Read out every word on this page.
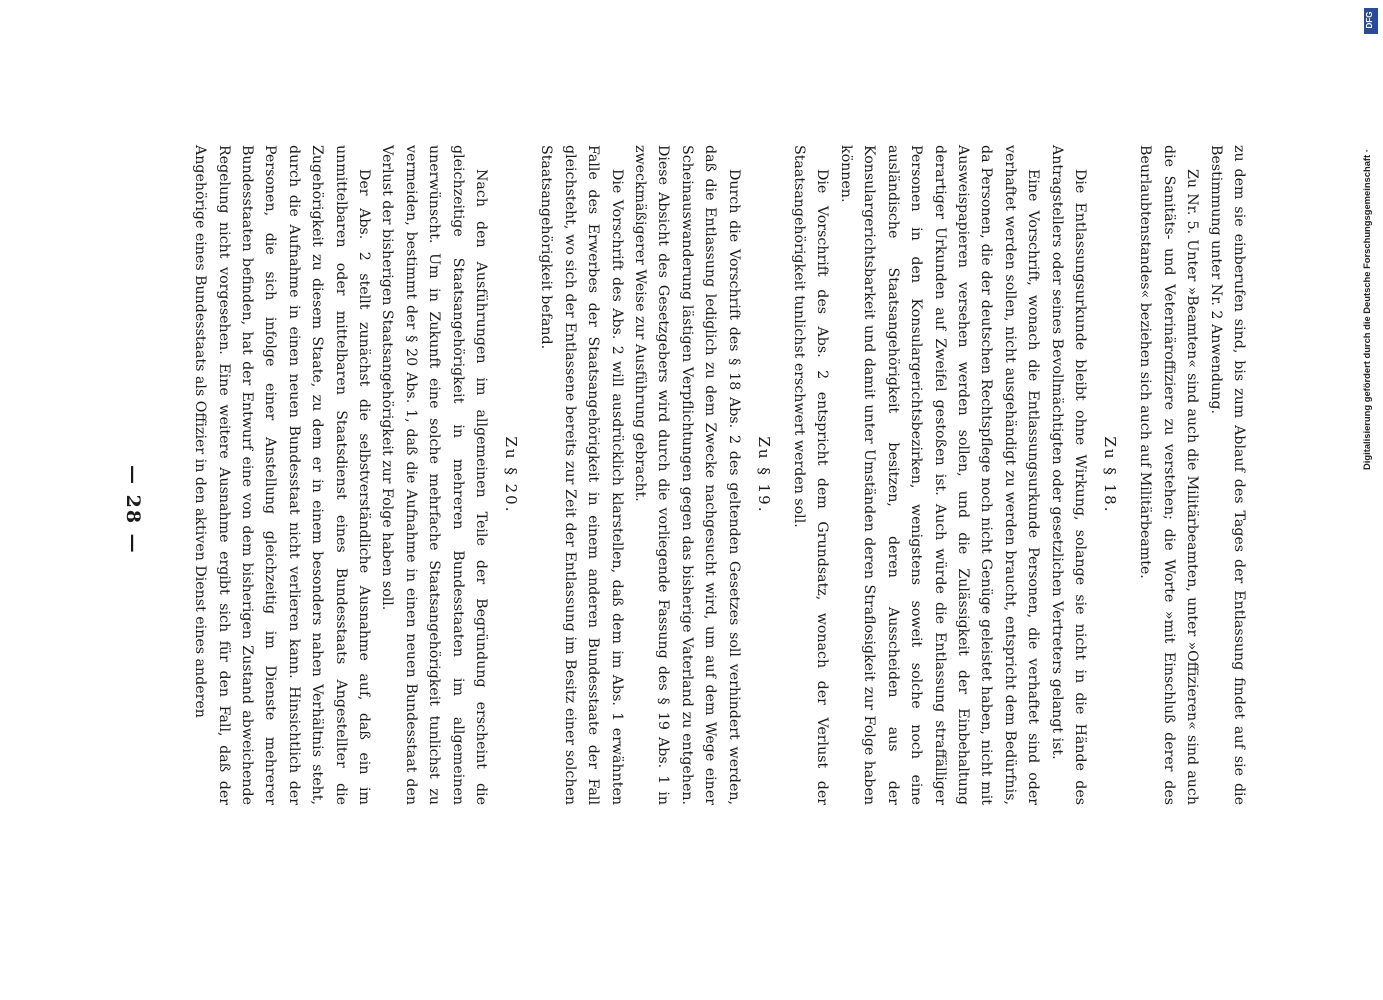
zu dem sie einberufen sind, bis zum Ablauf des Tages der Entlassung findet auf sie die Bestimmung unter Nr. 2 Anwendung.

Zu Nr. 5. Unter »Beamten« sind auch die Militärbeamten, unter »Offizieren« sind auch die Sanitäts- und Veterinäroffiziere zu verstehen; die Worte »mit Einschluß derer des Beurlaubtenstandes« beziehen sich auch auf Militärbeamte.

Zu § 18.

Die Entlassungsurkunde bleibt ohne Wirkung, solange sie nicht in die Hände des Antragstellers oder seines Bevollmächtigten oder gesetzlichen Vertreters gelangt ist.

Eine Vorschrift, wonach die Entlassungsurkunde Personen, die verhaftet sind oder verhaftet werden sollen, nicht ausgehändigt zu werden braucht, entspricht dem Bedürfnis, da Personen, die der deutschen Rechtspflege noch nicht Genüge geleistet haben, nicht mit Ausweispapieren versehen werden sollen, und die Zulässigkeit der Einbehaltung derartiger Urkunden auf Zweifel gestoßen ist. Auch würde die Entlassung straffälliger Personen in den Konsulargerichtsbezirken, wenigstens soweit solche noch eine ausländische Staatsangehörigkeit besitzen, deren Ausscheiden aus der Konsulargerichtsbarkeit und damit unter Umständen deren Straflosigkeit zur Folge haben können.

Die Vorschrift des Abs. 2 entspricht dem Grundsatz, wonach der Verlust der Staatsangehörigkeit tunlichst erschwert werden soll.

Zu § 19.

Durch die Vorschrift des § 18 Abs. 2 des geltenden Gesetzes soll verhindert werden, daß die Entlassung lediglich zu dem Zwecke nachgesucht wird, um auf dem Wege einer Scheinauswanderung lästigen Verpflichtungen gegen das bisherige Vaterland zu entgehen. Diese Absicht des Gesetzgebers wird durch die vorliegende Fassung des § 19 Abs. 1 in zweckmäßigerer Weise zur Ausführung gebracht.

Die Vorschrift des Abs. 2 will ausdrücklich klarstellen, daß dem im Abs. 1 erwähnten Falle des Erwerbes der Staatsangehörigkeit in einem anderen Bundesstaate der Fall gleichsteht, wo sich der Entlassene bereits zur Zeit der Entlassung im Besitz einer solchen Staatsangehörigkeit befand.

Zu § 20.

Nach den Ausführungen im allgemeinen Teile der Begründung erscheint die gleichzeitige Staatsangehörigkeit in mehreren Bundesstaaten im allgemeinen unerwünscht. Um in Zukunft eine solche mehrfache Staatsangehörigkeit tunlichst zu vermeiden, bestimmt der § 20 Abs. 1, daß die Aufnahme in einen neuen Bundesstaat den Verlust der bisherigen Staatsangehörigkeit zur Folge haben soll.

Der Abs. 2 stellt zunächst die selbstverständliche Ausnahme auf, daß ein im unmittelbaren oder mittelbaren Staatsdienst eines Bundesstaats Angestellter die Zugehörigkeit zu diesem Staate, zu dem er in einem besonders nahen Verhältnis steht, durch die Aufnahme in einen neuen Bundesstaat nicht verlieren kann. Hinsichtlich der Personen, die sich infolge einer Anstellung gleichzeitig im Dienste mehrerer Bundesstaaten befinden, hat der Entwurf eine von dem bisherigen Zustand abweichende Regelung nicht vorgesehen. Eine weitere Ausnahme ergibt sich für den Fall, daß der Angehörige eines Bundesstaats als Offizier in den aktiven Dienst eines anderen

— 28 —
DFG
Digitalisierung gefördert durch die Deutsche Forschungsgemeinschaft ·
